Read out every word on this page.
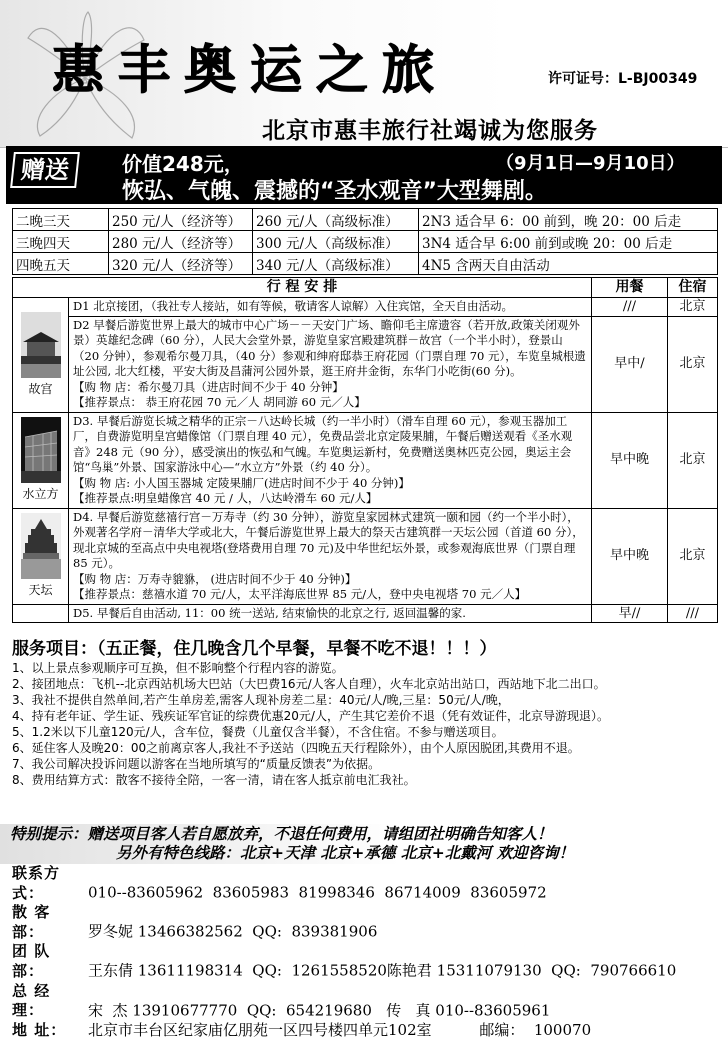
惠丰奥运之旅	许可证号：L-BJ00349
北京市惠丰旅行社竭诚为您服务
赠送	价值248元，	（9月1日—9月10日）
恢弘、气魄、震撼的“圣水观音”大型舞剧。
二晚三天	250 元/人（经济等）	260 元/人（高级标准）	2N3 适合早 6：00 前到，晚 20：00 后走
三晚四天	280 元/人（经济等）	300 元/人（高级标准）	3N4 适合早 6:00 前到或晚 20：00 后走
四晚五天	320 元/人（经济等）	340 元/人（高级标准）	4N5 含两天自由活动
行 程 安 排		用餐	住宿

故宫	D1 北京接团，（我社专人接站，如有等候，敬请客人谅解）入住宾馆，全天自由活动。	///	北京

	D2 早餐后游览世界上最大的城市中心广场－－天安门广场、瞻仰毛主席遗容（若开放,政策关闭观外景）英雄纪念碑（60 分），人民大会堂外景，游览皇家宫殿建筑群－故宫（一个半小时），登景山（20 分钟），参观希尔曼刀具，（40 分）参观和绅府邸恭王府花园（门票自理 70 元），车览皇城根遗址公园, 北大红楼，平安大街及昌蒲河公园外景，逛王府井金街，东华门小吃街(60 分)。
【购 物 店：希尔曼刀具（进店时间不少于 40 分钟】
【推荐景点： 恭王府花园 70 元／人 胡同游 60 元／人】	早中/	北京

水立方	D3. 早餐后游览长城之精华的正宗－八达岭长城（约一半小时）（滑车自理 60 元），参观玉器加工厂，自费游览明皇宫蜡像馆（门票自理 40 元），免费品尝北京定陵果脯，午餐后赠送观看《圣水观音》248 元（90 分），感受演出的恢弘和气魄。车览奥运新村，免费赠送奥林匹克公园，奥运主会馆“鸟巢”外景、国家游泳中心—“水立方”外景（约 40 分）。
【购 物 店: 小人国玉器城 定陵果脯厂(进店时间不少于 40 分钟)】
【推荐景点:明皇蜡像宫 40 元 / 人，八达岭滑车 60 元/人】	早中晚	北京

天坛	D4. 早餐后游览慈禧行宫－万寿寺（约 30 分钟），游览皇家园林式建筑一颐和园（约一个半小时），外观著名学府－清华大学或北大，午餐后游览世界上最大的祭天古建筑群一天坛公园（首道 60 分），现北京城的至高点中央电视塔(登塔费用自理 70 元)及中华世纪坛外景，或参观海底世界（门票自理 85 元）。
【购 物 店：万寿寺貔貅， (进店时间不少于 40 分钟)】
【推荐景点：慈禧水道 70 元/人，太平洋海底世界 85 元/人，登中央电视塔 70 元／人】	早中晚	北京
	D5. 早餐后自由活动, 11：00 统一送站, 结束愉快的北京之行, 返回温馨的家.	早//	///
服务项目：（五正餐，住几晚含几个早餐，早餐不吃不退！！！）
1、以上景点参观顺序可互换，但不影响整个行程内容的游览。
2、接团地点：飞机--北京西站机场大巴站（大巴费16元/人客人自理），火车北京站出站口，西站地下北二出口。
3、我社不提供自然单间,若产生单房差,需客人现补房差二星：40元/人/晚,三星：50元/人/晚，
4、持有老年证、学生证、残疾证军官证的综费优惠20元/人，产生其它差价不退（凭有效证件，北京导游现退）。
5、1.2米以下儿童120元/人，含车位，餐费（儿童仅含半餐），不含住宿。不参与赠送项目。
6、延住客人及晚20：00之前离京客人,我社不予送站（四晚五天行程除外），由个人原因脱团,其费用不退。
7、我公司解决投诉问题以游客在当地所填写的“质量反馈表”为依据。
8、费用结算方式：散客不接待全陪，一客一清，请在客人抵京前电汇我社。
特别提示：赠送项目客人若自愿放弃，不退任何费用，请组团社明确告知客人！
另外有特色线路：北京+天津 北京+承德 北京+北戴河 欢迎咨询！
联系方式：	010--83605962  83605983  81998346  86714009  83605972
散 客 部：	罗冬妮 13466382562  QQ:  839381906
团 队 部：	王东倩 13611198314  QQ:  1261558520陈艳君 15311079130  QQ:  790766610
总 经 理：	宋  杰 13910677770  QQ:  654219680   传   真 010--83605961
地 址： 北京市丰台区纪家庙亿朋苑一区四号楼四单元102室          邮编：  100070
